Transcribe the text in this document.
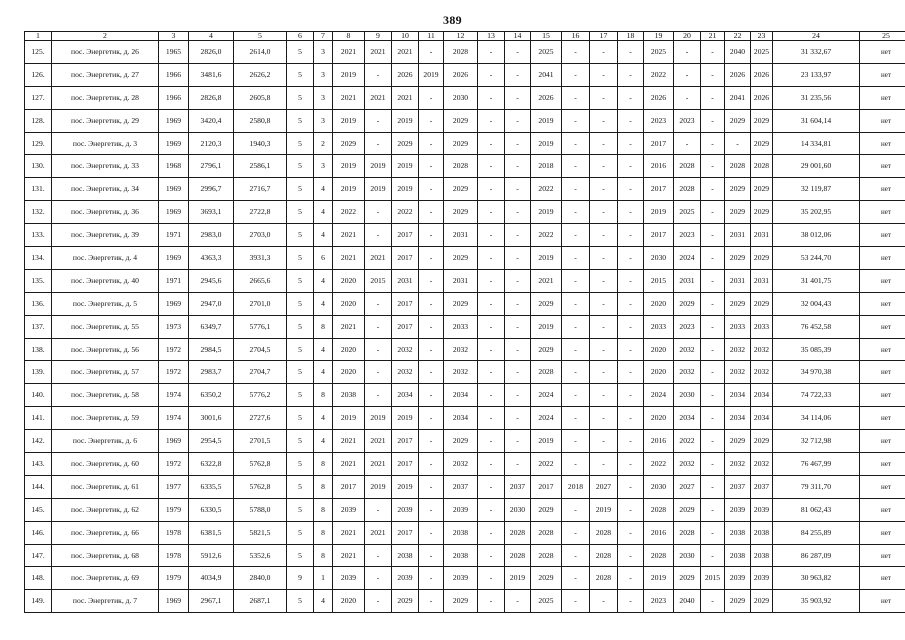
389
1	2	3	4	5	6	7	8	9	10	11	12	13	14	15	16	17	18	19	20	21	22	23	24	25
125.	пос. Энергетик, д. 26	1965	2826,0	2614,0	5	3	2021	2021	2021	-	2028	-	-	2025	-	-	-	2025	-	-	2040	2025	31 332,67	нет
126.	пос. Энергетик, д. 27	1966	3481,6	2626,2	5	3	2019	-	2026	2019	2026	-	-	2041	-	-	-	2022	-	-	2026	2026	23 133,97	нет
127.	пос. Энергетик, д. 28	1966	2826,8	2605,8	5	3	2021	2021	2021	-	2030	-	-	2026	-	-	-	2026	-	-	2041	2026	31 235,56	нет
128.	пос. Энергетик, д. 29	1969	3420,4	2580,8	5	3	2019	-	2019	-	2029	-	-	2019	-	-	-	2023	2023	-	2029	2029	31 604,14	нет
129.	пос. Энергетик, д. 3	1969	2120,3	1940,3	5	2	2029	-	2029	-	2029	-	-	2019	-	-	-	2017	-	-	-	2029	14 334,81	нет
130.	пос. Энергетик, д. 33	1968	2796,1	2586,1	5	3	2019	2019	2019	-	2028	-	-	2018	-	-	-	2016	2028	-	2028	2028	29 001,60	нет
131.	пос. Энергетик, д. 34	1969	2996,7	2716,7	5	4	2019	2019	2019	-	2029	-	-	2022	-	-	-	2017	2028	-	2029	2029	32 119,87	нет
132.	пос. Энергетик, д. 36	1969	3693,1	2722,8	5	4	2022	-	2022	-	2029	-	-	2019	-	-	-	2019	2025	-	2029	2029	35 202,95	нет
133.	пос. Энергетик, д. 39	1971	2983,0	2703,0	5	4	2021	-	2017	-	2031	-	-	2022	-	-	-	2017	2023	-	2031	2031	38 012,06	нет
134.	пос. Энергетик, д. 4	1969	4363,3	3931,3	5	6	2021	2021	2017	-	2029	-	-	2019	-	-	-	2030	2024	-	2029	2029	53 244,70	нет
135.	пос. Энергетик, д. 40	1971	2945,6	2665,6	5	4	2020	2015	2031	-	2031	-	-	2021	-	-	-	2015	2031	-	2031	2031	31 401,75	нет
136.	пос. Энергетик, д. 5	1969	2947,0	2701,0	5	4	2020	-	2017	-	2029	-	-	2029	-	-	-	2020	2029	-	2029	2029	32 004,43	нет
137.	пос. Энергетик, д. 55	1973	6349,7	5776,1	5	8	2021	-	2017	-	2033	-	-	2019	-	-	-	2033	2023	-	2033	2033	76 452,58	нет
138.	пос. Энергетик, д. 56	1972	2984,5	2704,5	5	4	2020	-	2032	-	2032	-	-	2029	-	-	-	2020	2032	-	2032	2032	35 085,39	нет
139.	пос. Энергетик, д. 57	1972	2983,7	2704,7	5	4	2020	-	2032	-	2032	-	-	2028	-	-	-	2020	2032	-	2032	2032	34 970,38	нет
140.	пос. Энергетик, д. 58	1974	6350,2	5776,2	5	8	2038	-	2034	-	2034	-	-	2024	-	-	-	2024	2030	-	2034	2034	74 722,33	нет
141.	пос. Энергетик, д. 59	1974	3001,6	2727,6	5	4	2019	2019	2019	-	2034	-	-	2024	-	-	-	2020	2034	-	2034	2034	34 114,06	нет
142.	пос. Энергетик, д. 6	1969	2954,5	2701,5	5	4	2021	2021	2017	-	2029	-	-	2019	-	-	-	2016	2022	-	2029	2029	32 712,98	нет
143.	пос. Энергетик, д. 60	1972	6322,8	5762,8	5	8	2021	2021	2017	-	2032	-	-	2022	-	-	-	2022	2032	-	2032	2032	76 467,99	нет
144.	пос. Энергетик, д. 61	1977	6335,5	5762,8	5	8	2017	2019	2019	-	2037	-	2037	2017	2018	2027	-	2030	2027	-	2037	2037	79 311,70	нет
145.	пос. Энергетик, д. 62	1979	6330,5	5788,0	5	8	2039	-	2039	-	2039	-	2030	2029	-	2019	-	2028	2029	-	2039	2039	81 062,43	нет
146.	пос. Энергетик, д. 66	1978	6381,5	5821,5	5	8	2021	2021	2017	-	2038	-	2028	2028	-	2028	-	2016	2028	-	2038	2038	84 255,89	нет
147.	пос. Энергетик, д. 68	1978	5912,6	5352,6	5	8	2021	-	2038	-	2038	-	2028	2028	-	2028	-	2028	2030	-	2038	2038	86 287,09	нет
148.	пос. Энергетик, д. 69	1979	4034,9	2840,0	9	1	2039	-	2039	-	2039	-	2019	2029	-	2028	-	2019	2029	2015	2039	2039	30 963,82	нет
149.	пос. Энергетик, д. 7	1969	2967,1	2687,1	5	4	2020	-	2029	-	2029	-	-	2025	-	-	-	2023	2040	-	2029	2029	35 903,92	нет
